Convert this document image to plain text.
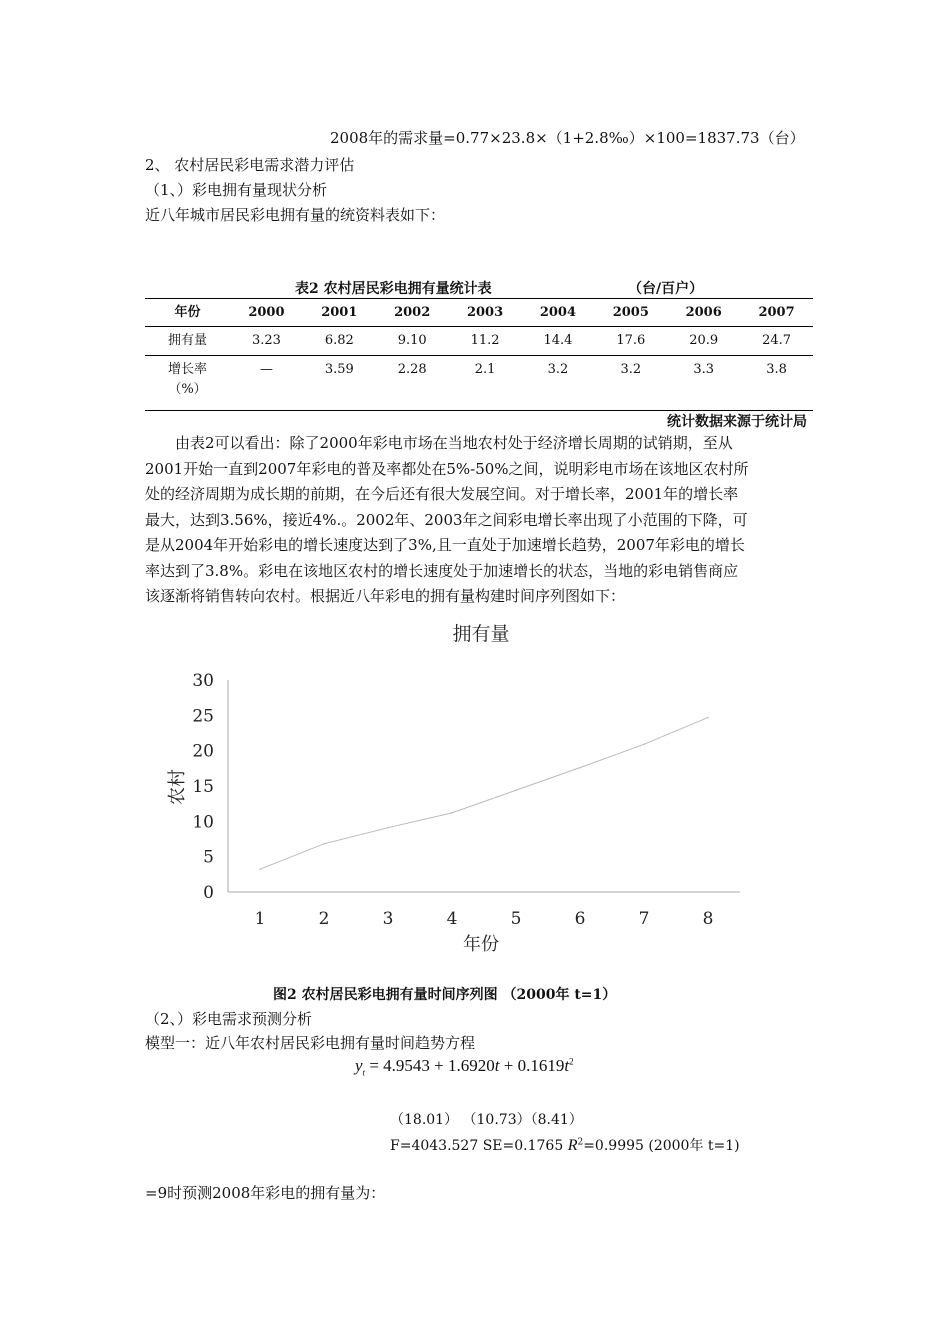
2008年的需求量=0.77×23.8×（1+2.8‰）×100=1837.73（台）
2、 农村居民彩电需求潜力评估
（1、）彩电拥有量现状分析
近八年城市居民彩电拥有量的统资料表如下：
表2 农村居民彩电拥有量统计表	（台/百户）
年份	2000	2001	2002	2003	2004	2005	2006	2007
拥有量	3.23	6.82	9.10	11.2	14.4	17.6	20.9	24.7

增长率
（%）	—	3.59	2.28	2.1	3.2	3.2	3.3	3.8
统计数据来源于统计局

由表2可以看出：除了2000年彩电市场在当地农村处于经济增长周期的试销期，至从

2001开始一直到2007年彩电的普及率都处在5%-50%之间，说明彩电市场在该地区农村所

处的经济周期为成长期的前期，在今后还有很大发展空间。对于增长率，2001年的增长率

最大，达到3.56%，接近4%.。2002年、2003年之间彩电增长率出现了小范围的下降，可

是从2004年开始彩电的增长速度达到了3%,且一直处于加速增长趋势，2007年彩电的增长

率达到了3.8%。彩电在该地区农村的增长速度处于加速增长的状态，当地的彩电销售商应

该逐渐将销售转向农村。根据近八年彩电的拥有量构建时间序列图如下：

拥有量
0
5
10
15
20
25
30
1	2	3	4	5	6	7	8
年份
农村
图2 农村居民彩电拥有量时间序列图 （2000年 t=1）
（2、）彩电需求预测分析
模型一：近八年农村居民彩电拥有量时间趋势方程
$y_t = 4.9543 + 1.6920t + 0.1619t^2$
（18.01） （10.73）（8.41）
F=4043.527 SE=0.1765 $R^2=0.9995$ (2000年 t=1)
=9时预测2008年彩电的拥有量为：
